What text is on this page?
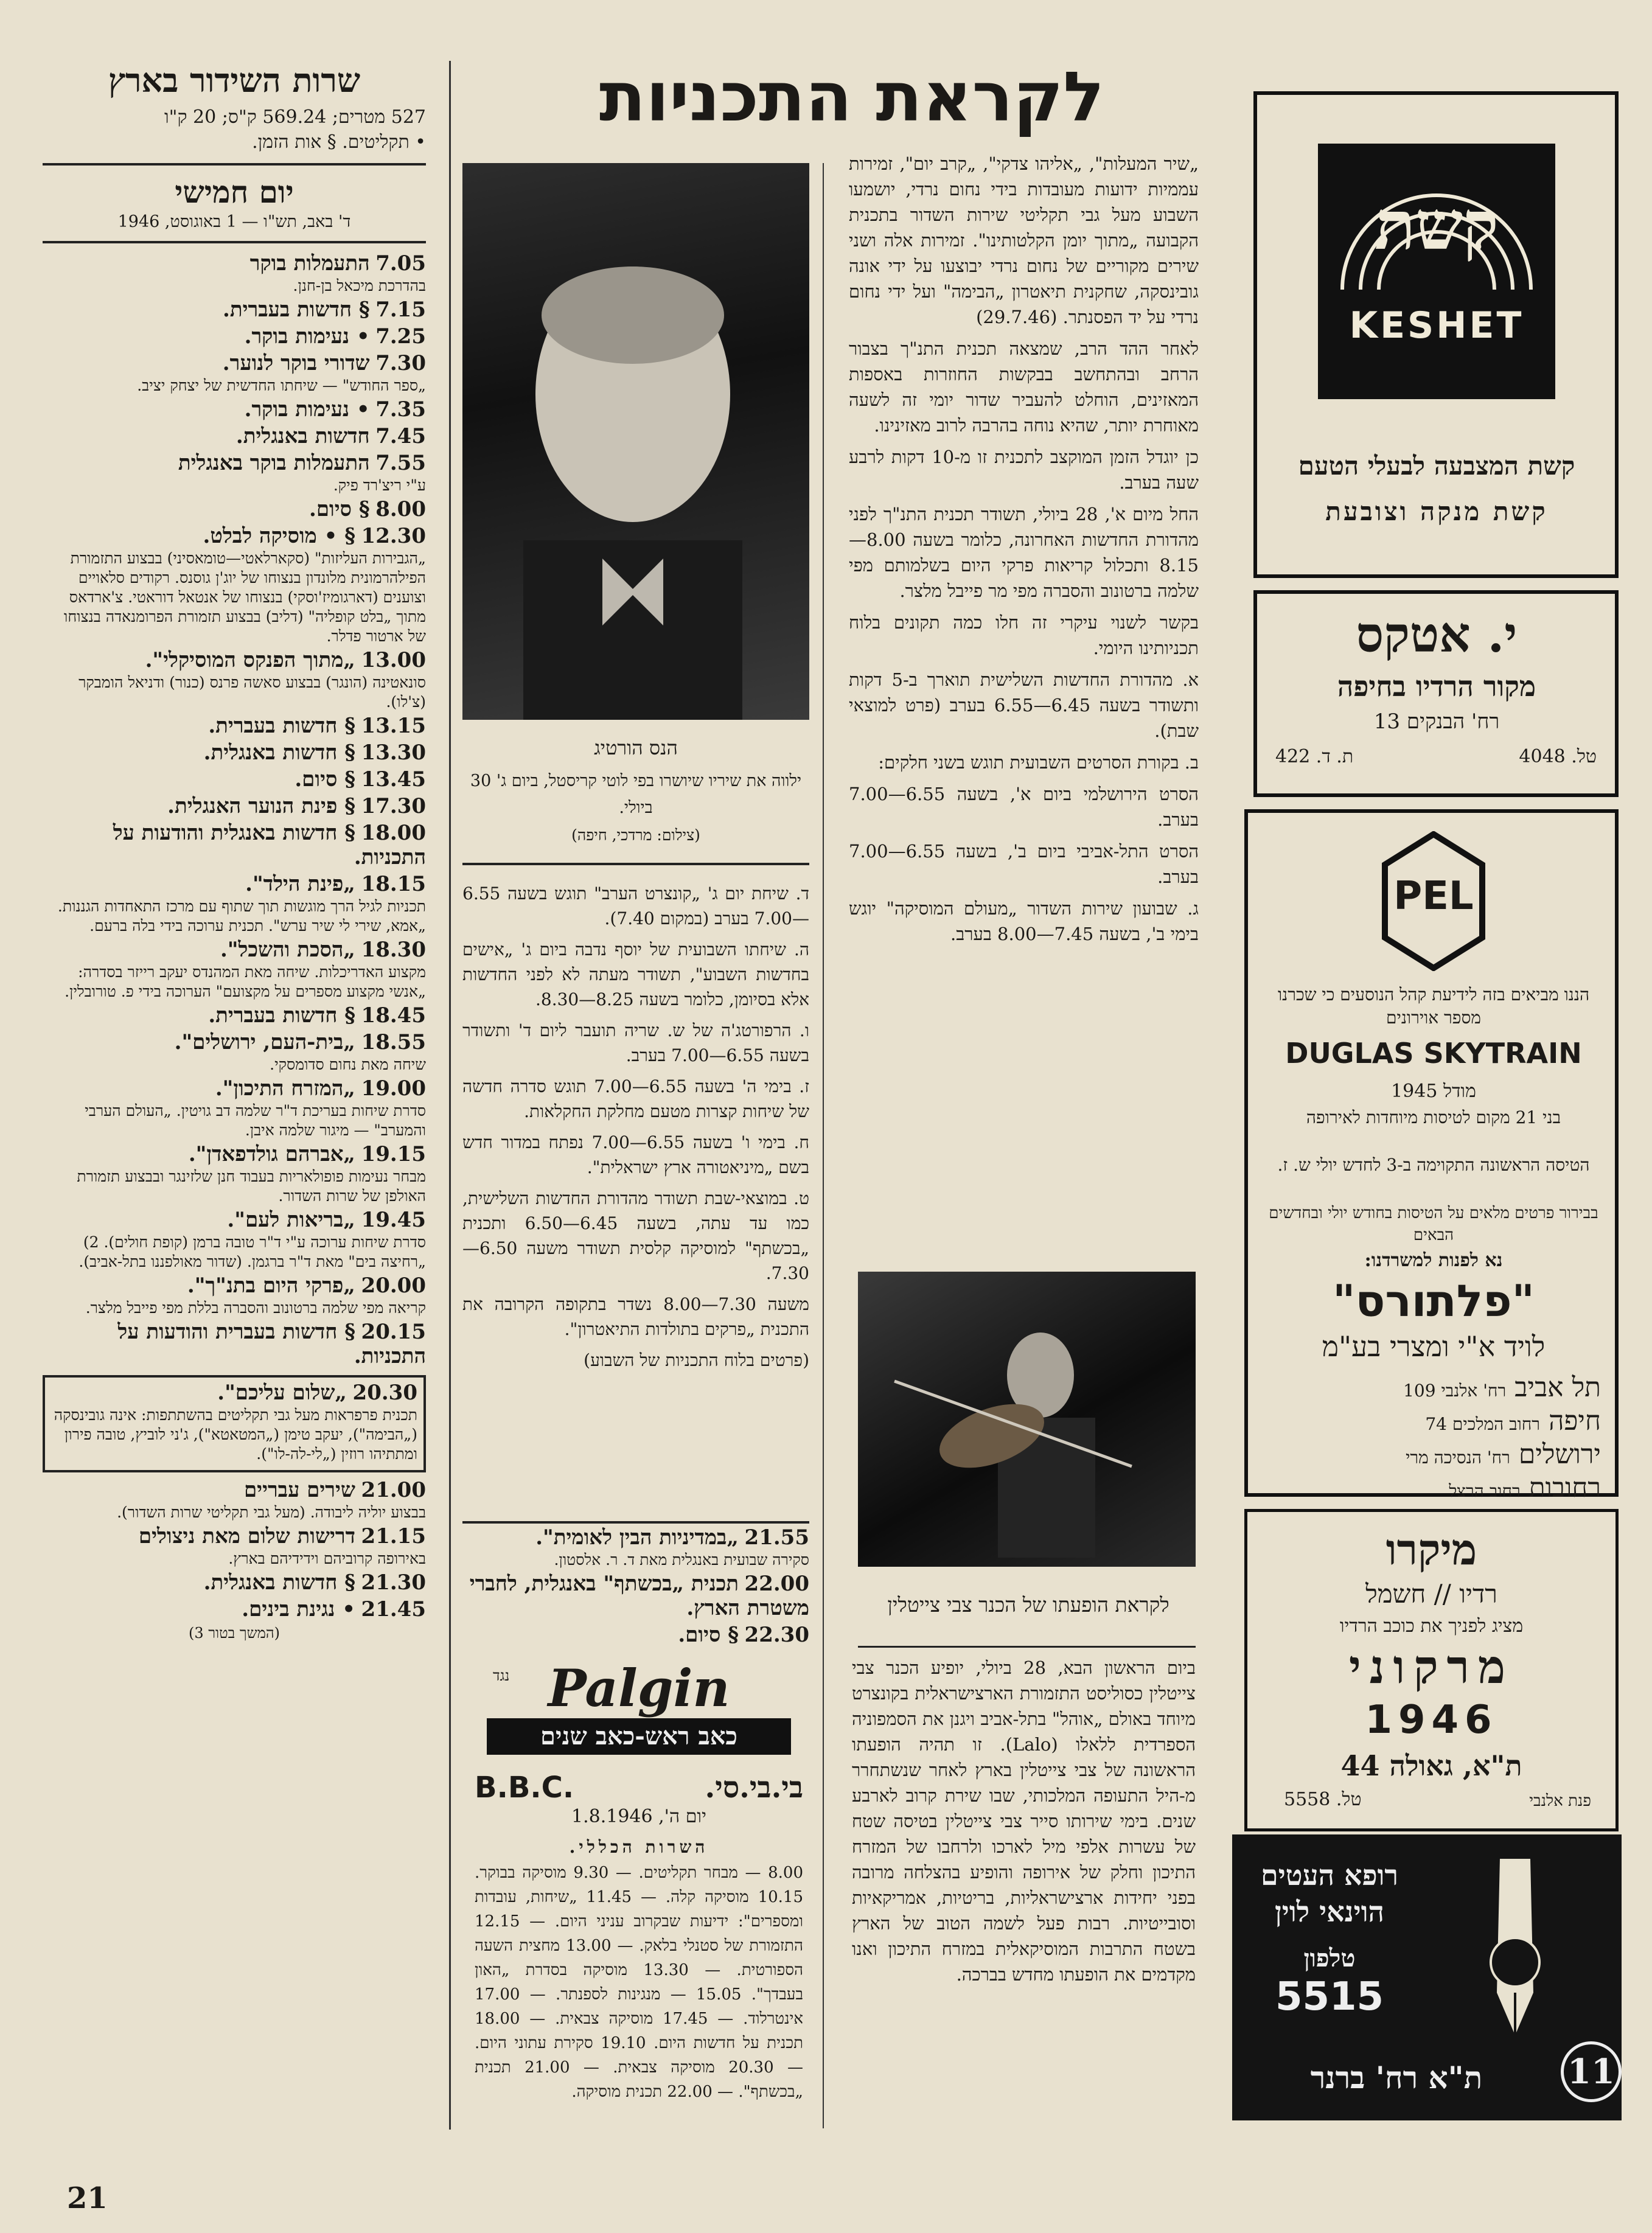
שרות השידור בארץ
527 מטרים; 569.24 ק"ס; 20 ק"ו
• תקליטים. § אות הזמן.
יום חמישי
ד' באב, תש"ו — 1 באוגוסט, 1946
7.05 התעמלות בוקר
בהדרכת מיכאל בן-חנן.
7.15 § חדשות בעברית.
7.25 • נעימות בוקר.
7.30 שדורי בוקר לנוער.
„ספר החודש" — שיחתו החדשית של יצחק יציב.
7.35 • נעימות בוקר.
7.45 חדשות באנגלית.
7.55 התעמלות בוקר באנגלית
ע"י ריצ'רד פיק.
8.00 § סיום.
12.30 § • מוסיקה לבלט.
„הגבירות העליזות" (סקארלאטי—טומאסיני) בבצוע התזמורת הפילהרמונית מלונדון בנצוחו של יוג'ן גוסנס. רקודים סלאויים וצוענים (דארגומיז'וסקי) בנצוחו של אנטאל דוראטי. צ'ארדאס מתוך „בלט קופליה" (דליב) בבצוע תזמורת הפרומנאדה בנצוחו של ארטור פדלר.
13.00 „מתוך הפנקס המוסיקלי".
סונאטינה (הונגר) בבצוע סאשה פרנס (כנור) ודניאל הומבקר (צ'לו).
13.15 § חדשות בעברית.
13.30 § חדשות באנגלית.
13.45 § סיום.
17.30 § פינת הנוער האנגלית.
18.00 § חדשות באנגלית והודעות על התכניות.
18.15 „פינת הילד".
תכניות לגיל הרך מוגשות תוך שתוף עם מרכז התאחדות הגננות. „אמא, שירי לי שיר ערש". תכנית ערוכה בידי בלה ברעם.
18.30 „הסכת והשכל".
מקצוע האדריכלות. שיחה מאת המהנדס יעקב רייזר בסדרה: „אנשי מקצוע מספרים על מקצועם" הערוכה בידי פ. טורובלין.
18.45 § חדשות בעברית.
18.55 „בית-העם, ירושלים".
שיחה מאת נחום סדומסקי.
19.00 „המזרח התיכון".
סדרת שיחות בעריכת ד"ר שלמה דב גויטין. „העולם הערבי והמערב" — מיגור שלמה איבן.
19.15 „אברהם גולדפאדן".
מבחר נעימות פופולאריות בעבוד חנן שלזינגר ובבצוע תזמורת האולפן של שרות השדור.
19.45 „בריאות לעם".
סדרת שיחות ערוכה ע"י ד"ר טובה ברמן (קופת חולים). 2) „רחיצה בים" מאת ד"ר ברגמן. (שדור מאולפננו בתל-אביב).
20.00 „פרקי היום בתנ"ך".
קריאה מפי שלמה ברטונוב והסברה בללת מפי פייבל מלצר.
20.15 § חדשות בעברית והודעות על התכניות.
20.30 „שלום עליכם".
תכנית פרפראות מעל גבי תקליטים בהשתתפות: אינה גובינסקה („הבימה"), יעקב טימן („המטאטא"), ג'ני לוביץ, טובה פירון ומתתיהו רוזין („לי-לה-לו").
21.00 שירים עבריים
בבצוע יוליה ליבודה. (מעל גבי תקליטי שרות השדור).
21.15 דרישות שלום מאת ניצולים
באירופה קרוביהם וידידיהם בארץ.
21.30 § חדשות באנגלית.
21.45 • נגינת בינים.
(המשך בטור 3)
21
לקראת התכניות
הנס הורטיג
ילווה את שיריו שיושרו בפי לוטי קריסטל, ביום ג' 30 ביולי.
(צילום: מרדכי, חיפה)

ד. שיחת יום ג' „קונצרט הערב" תוגש בשעה 6.55—7.00 בערב (במקום 7.40).

ה. שיחתו השבועית של יוסף נדבה ביום ג' „אישים בחדשות השבוע", תשודר מעתה לא לפני החדשות אלא בסיומן, כלומר בשעה 8.25—8.30.

ו. הרפורטג'ה של ש. שריה תועבר ליום ד' ותשודר בשעה 6.55—7.00 בערב.

ז. בימי ה' בשעה 6.55—7.00 תוגש סדרה חדשה של שיחות קצרות מטעם מחלקת החקלאות.

ח. בימי ו' בשעה 6.55—7.00 נפתח במדור חדש בשם „מיניאטורה ארץ ישראלית".

ט. במוצאי-שבת תשודר מהדורת החדשות השלישית, כמו עד עתה, בשעה 6.45—6.50 ותכנית „בכשתף" למוסיקה קלסית תשודר משעה 6.50—7.30.

משעה 7.30—8.00 נשדר בתקופה הקרובה את התכנית „פרקים בתולדות התיאטרון".

(פרטים בלוח התכניות של השבוע)

21.55 „במדיניות הבין לאומית".
סקירה שבועית באנגלית מאת ד. ר. אלסטון.
22.00 תכנית „בכשתף" באנגלית, לחברי משטרת הארץ.
22.30 § סיום.
Palgin
נגד
כאב ראש-כאב שנים
בי.בי.סי.
B.B.C.
יום ה', 1.8.1946
השרות הכללי.
8.00 — מבחר תקליטים. — 9.30 מוסיקה בבוקר. 10.15 מוסיקה קלה. — 11.45 „שיחות, עובדות ומספרים": ידיעות שבקרוב עניני היום. — 12.15 התזמורת של סטנלי בלאק. — 13.00 מחצית השעה הספורטית. — 13.30 מוסיקה בסדרת „האון בעבדך". 15.05 — מנגינות לספנתר. — 17.00 אינטרלוד. — 17.45 מוסיקה צבאית. — 18.00 תכנית על חדשות היום. 19.10 סקירת עתוני היום. — 20.30 מוסיקה צבאית. — 21.00 תכנית „בכשתף". — 22.00 תכנית מוסיקה.

„שיר המעלות", „אליהו צדקי", „קרב יום", זמירות עממיות ידועות מעובדות בידי נחום נרדי, יושמעו השבוע מעל גבי תקליטי שירות השדור בתכנית הקבועה „מתוך יומן הקלטותינו". זמירות אלה ושני שירים מקוריים של נחום נרדי יבוצעו על ידי אונה גובינסקה, שחקנית תיאטרון „הבימה" ועל ידי נחום נרדי על יד הפסנתר. (29.7.46)

לאחר ההד הרב, שמצאה תכנית התנ"ך בצבור הרחב ובהתחשב בבקשות החוזרות באספות המאזינים, הוחלט להעביר שדור יומי זה לשעה מאוחרת יותר, שהיא נוחה בהרבה לרוב מאזינינו.

כן יוגדל הזמן המוקצב לתכנית זו מ-10 דקות לרבע שעה בערב.

החל מיום א', 28 ביולי, תשודר תכנית התנ"ך לפני מהדורת החדשות האחרונה, כלומר בשעה 8.00—8.15 ותכלול קריאות פרקי היום בשלמותם מפי שלמה ברטונוב והסברה מפי מר פייבל מלצר.

בקשר לשנוי עיקרי זה חלו כמה תקונים בלוח תכניותינו היומי.

א. מהדורת החדשות השלישית תוארך ב-5 דקות ותשודר בשעה 6.45—6.55 בערב (פרט למוצאי שבת).

ב. בקורת הסרטים השבועית תוגש בשני חלקים:

הסרט הירושלמי ביום א', בשעה 6.55—7.00 בערב.

הסרט התל-אביבי ביום ב', בשעה 6.55—7.00 בערב.

ג. שבועון שירות השדור „מעולם המוסיקה" יוגש בימי ב', בשעה 7.45—8.00 בערב.

לקראת הופעתו של הכנר צבי צייטלין
ביום הראשון הבא, 28 ביולי, יופיע הכנר צבי צייטלין כסוליסט התזמורת הארצישראלית בקונצרט מיוחד באולם „אוהל" בתל-אביב ויגנן את הסמפוניה הספרדית ללאלו (Lalo). זו תהיה הופעתו הראשונה של צבי צייטלין בארץ לאחר שנשתחרר מ-היל התעופה המלכותי, שבו שירת קרוב לארבע שנים. בימי שירותו סייר צבי צייטלין בטיסה שטח של עשרות אלפי מיל לארכו ולרחבו של המזרח התיכון וחלק של אירופה והופיע בהצלחה מרובה בפני יחידות ארצישראליות, בריטיות, אמריקאיות וסובייטיות. רבות פעל לשמה הטוב של הארץ בשטח התרבות המוסיקאלית במזרח התיכון ואנו מקדמים את הופעתו מחדש בברכה.
קשת
KESHET
קשת המצבעה לבעלי הטעם
קשת מנקה וצובעת
י. אטקס
מקור הרדיו בחיפה
רח' הבנקים 13
טל. 4048
ת. ד. 422
PEL
הננו מביאים בזה לידיעת קהל הנוסעים כי שכרנו מספר אוירונים
DUGLAS SKYTRAIN
מודל 1945
בני 21 מקום לטיסות מיוחדות לאירופה
הטיסה הראשונה התקוימה ב-3 לחדש יולי ש. ז.
בבירור פרטים מלאים על הטיסות בחודש יולי ובחדשים הבאים
נא לפנות למשרדנו:
"פלתורס"
לויד א"י ומצרי בע"מ
תל אביב רח' אלנבי 109
חיפה רחוב המלכים 74
ירושלים רח' הנסיכה מרי
רחובות רחוב הרצל
מיקרו
רדיו // חשמל
מציג לפניך את כוכב הרדיו
מרקוני
1946
ת"א, גאולה 44
פנת אלנבי
טל. 5558
רופא העטים
הוינאי לוין
טלפון
5515
11
ת"א רח' ברנר
